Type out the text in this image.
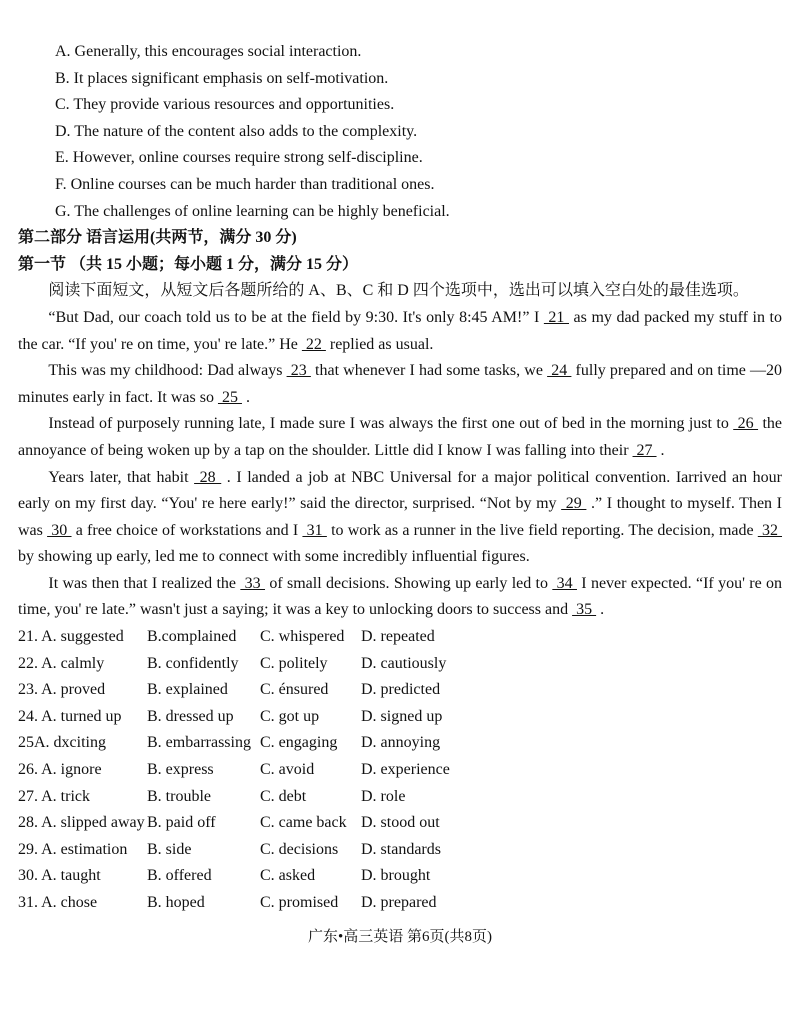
A. Generally, this encourages social interaction.
B. It places significant emphasis on self-motivation.
C. They provide various resources and opportunities.
D. The nature of the content also adds to the complexity.
E. However, online courses require strong self-discipline.
F. Online courses can be much harder than traditional ones.
G. The challenges of online learning can be highly beneficial.
第二部分 语言运用(共两节，满分 30 分)
第一节 （共 15 小题；每小题 1 分，满分 15 分）
阅读下面短文，从短文后各题所给的 A、B、C 和 D 四个选项中，选出可以填入空白处的最佳选项。

“But Dad, our coach told us to be at the field by 9:30. It's only 8:45 AM!” I  21  as my dad packed my stuff in to the car. “If you' re on time, you' re late.” He  22  replied as usual.

This was my childhood: Dad always  23  that whenever I had some tasks, we  24  fully prepared and on time —20 minutes early in fact. It was so  25  .

Instead of purposely running late, I made sure I was always the first one out of bed in the morning just to  26  the annoyance of being woken up by a tap on the shoulder. Little did I know I was falling into their  27  .

Years later, that habit  28  . I landed a job at NBC Universal for a major political convention. Iarrived an hour early on my first day. “You' re here early!” said the director, surprised. “Not by my  29  .” I thought to myself. Then I was  30  a free choice of workstations and I  31  to work as a runner in the live field reporting. The decision, made  32  by showing up early, led me to connect with some incredibly influential figures.

It was then that I realized the  33  of small decisions. Showing up early led to  34  I never expected. “If you' re on time, you' re late.” wasn't just a saying; it was a key to unlocking doors to success and  35  .

21. A. suggested B.complained C. whispered D. repeated
22. A. calmly	B. confidently C. politely D. cautiously
23. A. proved	B. explained C. énsured D. predicted
24. A. turned up B. dressed up C. got up	D. signed up
25A. dxciting	B. embarrassing C. engaging D. annoying
26. A. ignore	B. express	C. avoid	D. experience
27. A. trick	B. trouble	C. debt	D. role
28. A. slipped away B. paid off	C. came back D. stood out
29. A. estimation B. side	C. decisions D. standards
30. A. taught	B. offered	C. asked	D. brought
31. A. chose	B. hoped	C. promised D. prepared
广东•高三英语 第6页(共8页)
